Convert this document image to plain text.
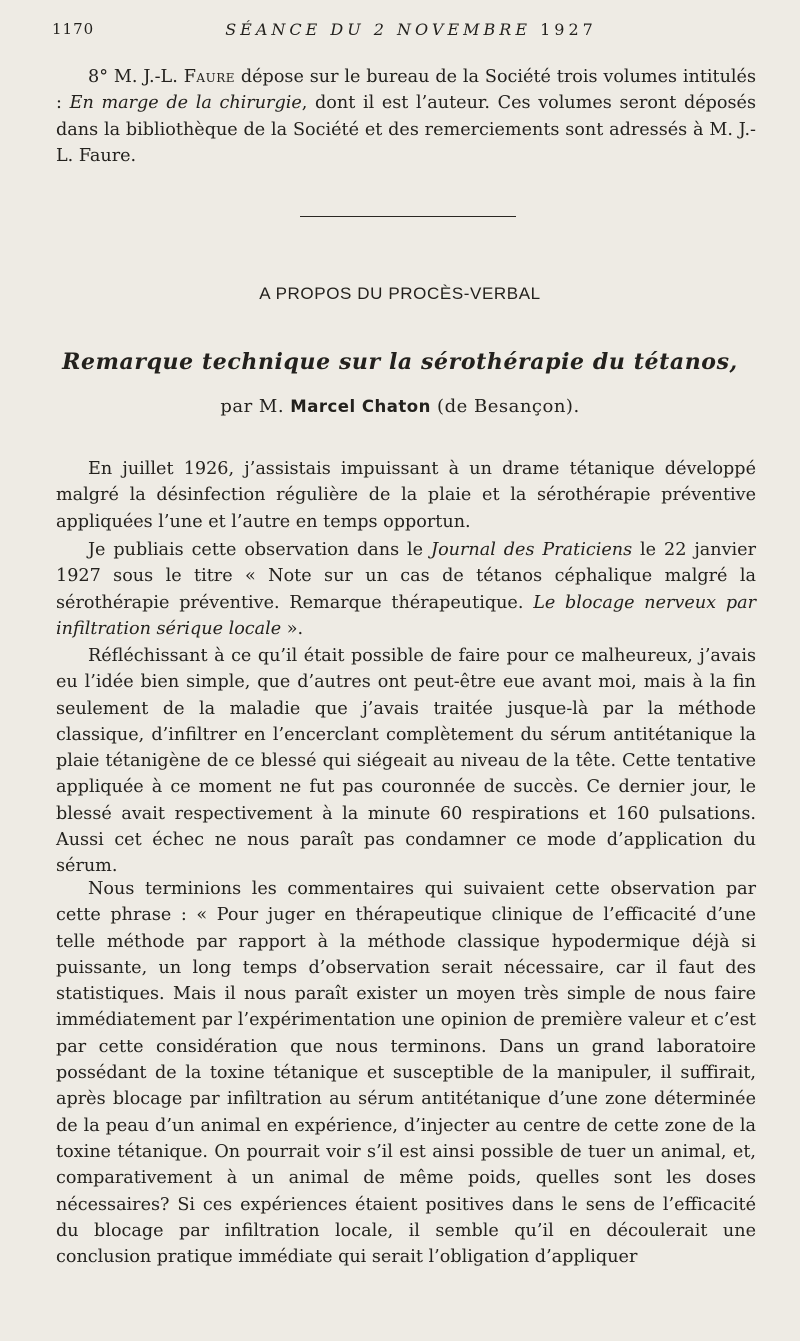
1170	SÉANCE DU 2 NOVEMBRE 1927

8° M. J.-L. Faure dépose sur le bureau de la Société trois volumes intitulés : En marge de la chirurgie, dont il est l’auteur. Ces volumes seront déposés dans la bibliothèque de la Société et des remerciements sont adressés à M. J.-L. Faure.

A PROPOS DU PROCÈS-VERBAL
Remarque technique sur la sérothérapie du tétanos,
par M. Marcel Chaton (de Besançon).

En juillet 1926, j’assistais impuissant à un drame tétanique développé malgré la désinfection régulière de la plaie et la sérothérapie préventive appliquées l’une et l’autre en temps opportun.

Je publiais cette observation dans le Journal des Praticiens le 22 janvier 1927 sous le titre « Note sur un cas de tétanos céphalique malgré la sérothérapie préventive. Remarque thérapeutique. Le blocage nerveux par infiltration sérique locale ».

Réfléchissant à ce qu’il était possible de faire pour ce malheureux, j’avais eu l’idée bien simple, que d’autres ont peut-être eue avant moi, mais à la fin seulement de la maladie que j’avais traitée jusque-là par la méthode classique, d’infiltrer en l’encerclant complètement du sérum antitétanique la plaie tétanigène de ce blessé qui siégeait au niveau de la tête. Cette tentative appliquée à ce moment ne fut pas couronnée de succès. Ce dernier jour, le blessé avait respectivement à la minute 60 respirations et 160 pulsations. Aussi cet échec ne nous paraît pas condamner ce mode d’application du sérum.

Nous terminions les commentaires qui suivaient cette observation par cette phrase : « Pour juger en thérapeutique clinique de l’efficacité d’une telle méthode par rapport à la méthode classique hypodermique déjà si puissante, un long temps d’observation serait nécessaire, car il faut des statistiques. Mais il nous paraît exister un moyen très simple de nous faire immédiatement par l’expérimentation une opinion de première valeur et c’est par cette considération que nous terminons. Dans un grand laboratoire possédant de la toxine tétanique et susceptible de la manipuler, il suffirait, après blocage par infiltration au sérum antitétanique d’une zone déterminée de la peau d’un animal en expérience, d’injecter au centre de cette zone de la toxine tétanique. On pourrait voir s’il est ainsi possible de tuer un animal, et, comparativement à un animal de même poids, quelles sont les doses nécessaires? Si ces expériences étaient positives dans le sens de l’efficacité du blocage par infiltration locale, il semble qu’il en découlerait une conclusion pratique immédiate qui serait l’obligation d’appliquer
